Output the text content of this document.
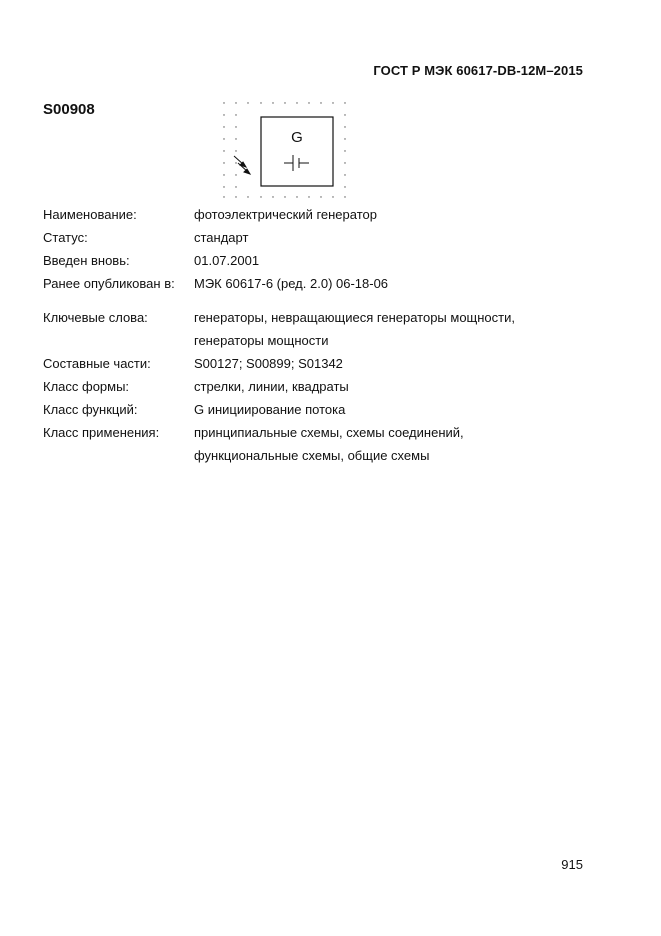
ГОСТ Р МЭК 60617-DB-12M–2015
S00908
G
Наименование:	фотоэлектрический генератор
Статус:	стандарт
Введен вновь:	01.07.2001
Ранее опубликован в:	МЭК 60617-6 (ред. 2.0) 06-18-06
Ключевые слова:	генераторы, невращающиеся генераторы мощности,
генераторы мощности
Составные части:	S00127; S00899; S01342
Класс формы:	стрелки, линии, квадраты
Класс функций:	G инициирование потока
Класс применения:	принципиальные схемы, схемы соединений,
функциональные схемы, общие схемы
915
